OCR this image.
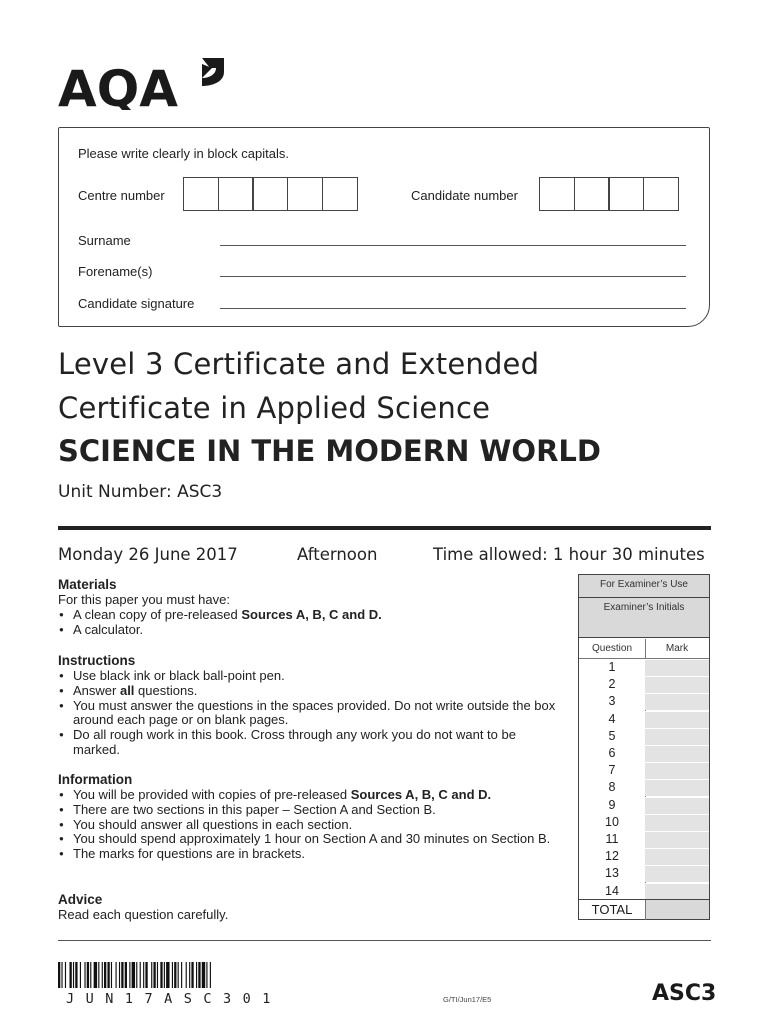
AQA
Please write clearly in block capitals.
Centre number	Candidate number
Surname
Forename(s)
Candidate signature
Level 3 Certificate and Extended
Certificate in Applied Science
SCIENCE IN THE MODERN WORLD
Unit Number: ASC3
Monday 26 June 2017	Afternoon	Time allowed: 1 hour 30 minutes
Materials
For this paper you must have:
● A clean copy of pre-released Sources A, B, C and D.
● A calculator.
Instructions
● Use black ink or black ball-point pen.
● Answer all questions.
● You must answer the questions in the spaces provided. Do not write outside the box around each page or on blank pages.
● Do all rough work in this book. Cross through any work you do not want to be marked.
Information
● You will be provided with copies of pre-released Sources A, B, C and D.
● There are two sections in this paper – Section A and Section B.
● You should answer all questions in each section.
● You should spend approximately 1 hour on Section A and 30 minutes on Section B.
● The marks for questions are in brackets.
Advice
Read each question carefully.
For Examiner’s Use
Examiner’s Initials
Question	Mark
1
2
3
4
5
6
7
8
9
10
11
12
13
14
TOTAL
JUN17ASC301	G/TI/Jun17/E5	ASC3
